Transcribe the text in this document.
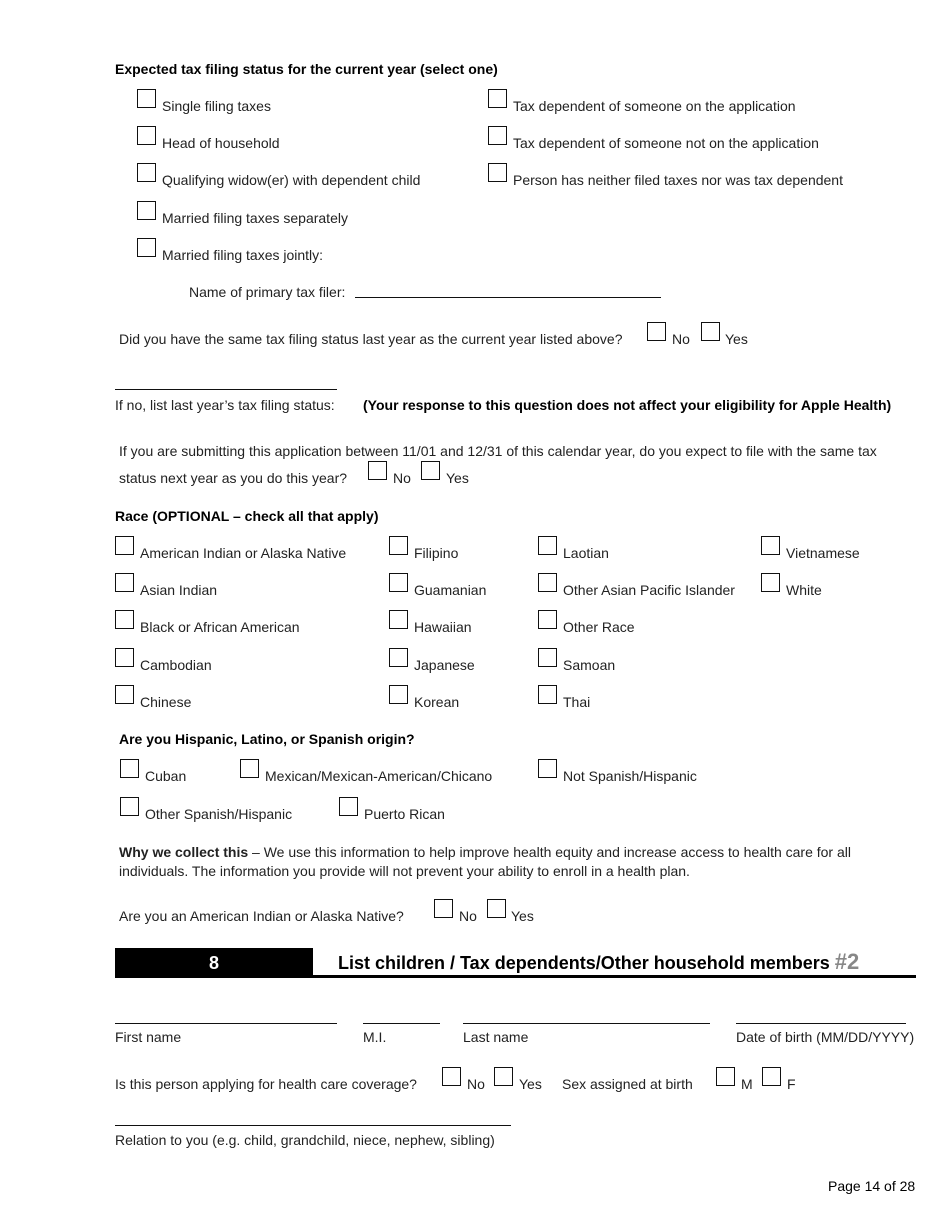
Expected tax filing status for the current year (select one)
Single filing taxes
Head of household
Qualifying widow(er) with dependent child
Married filing taxes separately
Married filing taxes jointly:
Tax dependent of someone on the application
Tax dependent of someone not on the application
Person has neither filed taxes nor was tax dependent
Name of primary tax filer:
Did you have the same tax filing status last year as the current year listed above?	No	Yes
If no, list last year’s tax filing status: (Your response to this question does not affect your eligibility for Apple Health)
If you are submitting this application between 11/01 and 12/31 of this calendar year, do you expect to file with the same tax
status next year as you do this year?	No	Yes
Race (OPTIONAL – check all that apply)
American Indian or Alaska Native
Asian Indian
Black or African American
Cambodian
Chinese
Filipino
Guamanian
Hawaiian
Japanese
Korean
Laotian
Other Asian Pacific Islander
Other Race
Samoan
Thai
Vietnamese
White
Are you Hispanic, Latino, or Spanish origin?
Cuban	Mexican/Mexican-American/Chicano	Not Spanish/Hispanic
Other Spanish/Hispanic	Puerto Rican
Why we collect this – We use this information to help improve health equity and increase access to health care for all individuals. The information you provide will not prevent your ability to enroll in a health plan.
Are you an American Indian or Alaska Native?	No Yes
8	List children / Tax dependents/Other household members #2
First name	M.I.	Last name	Date of birth (MM/DD/YYYY)
Is this person applying for health care coverage?	No Yes Sex assigned at birth	M F
Relation to you (e.g. child, grandchild, niece, nephew, sibling)
Page 14 of 28
